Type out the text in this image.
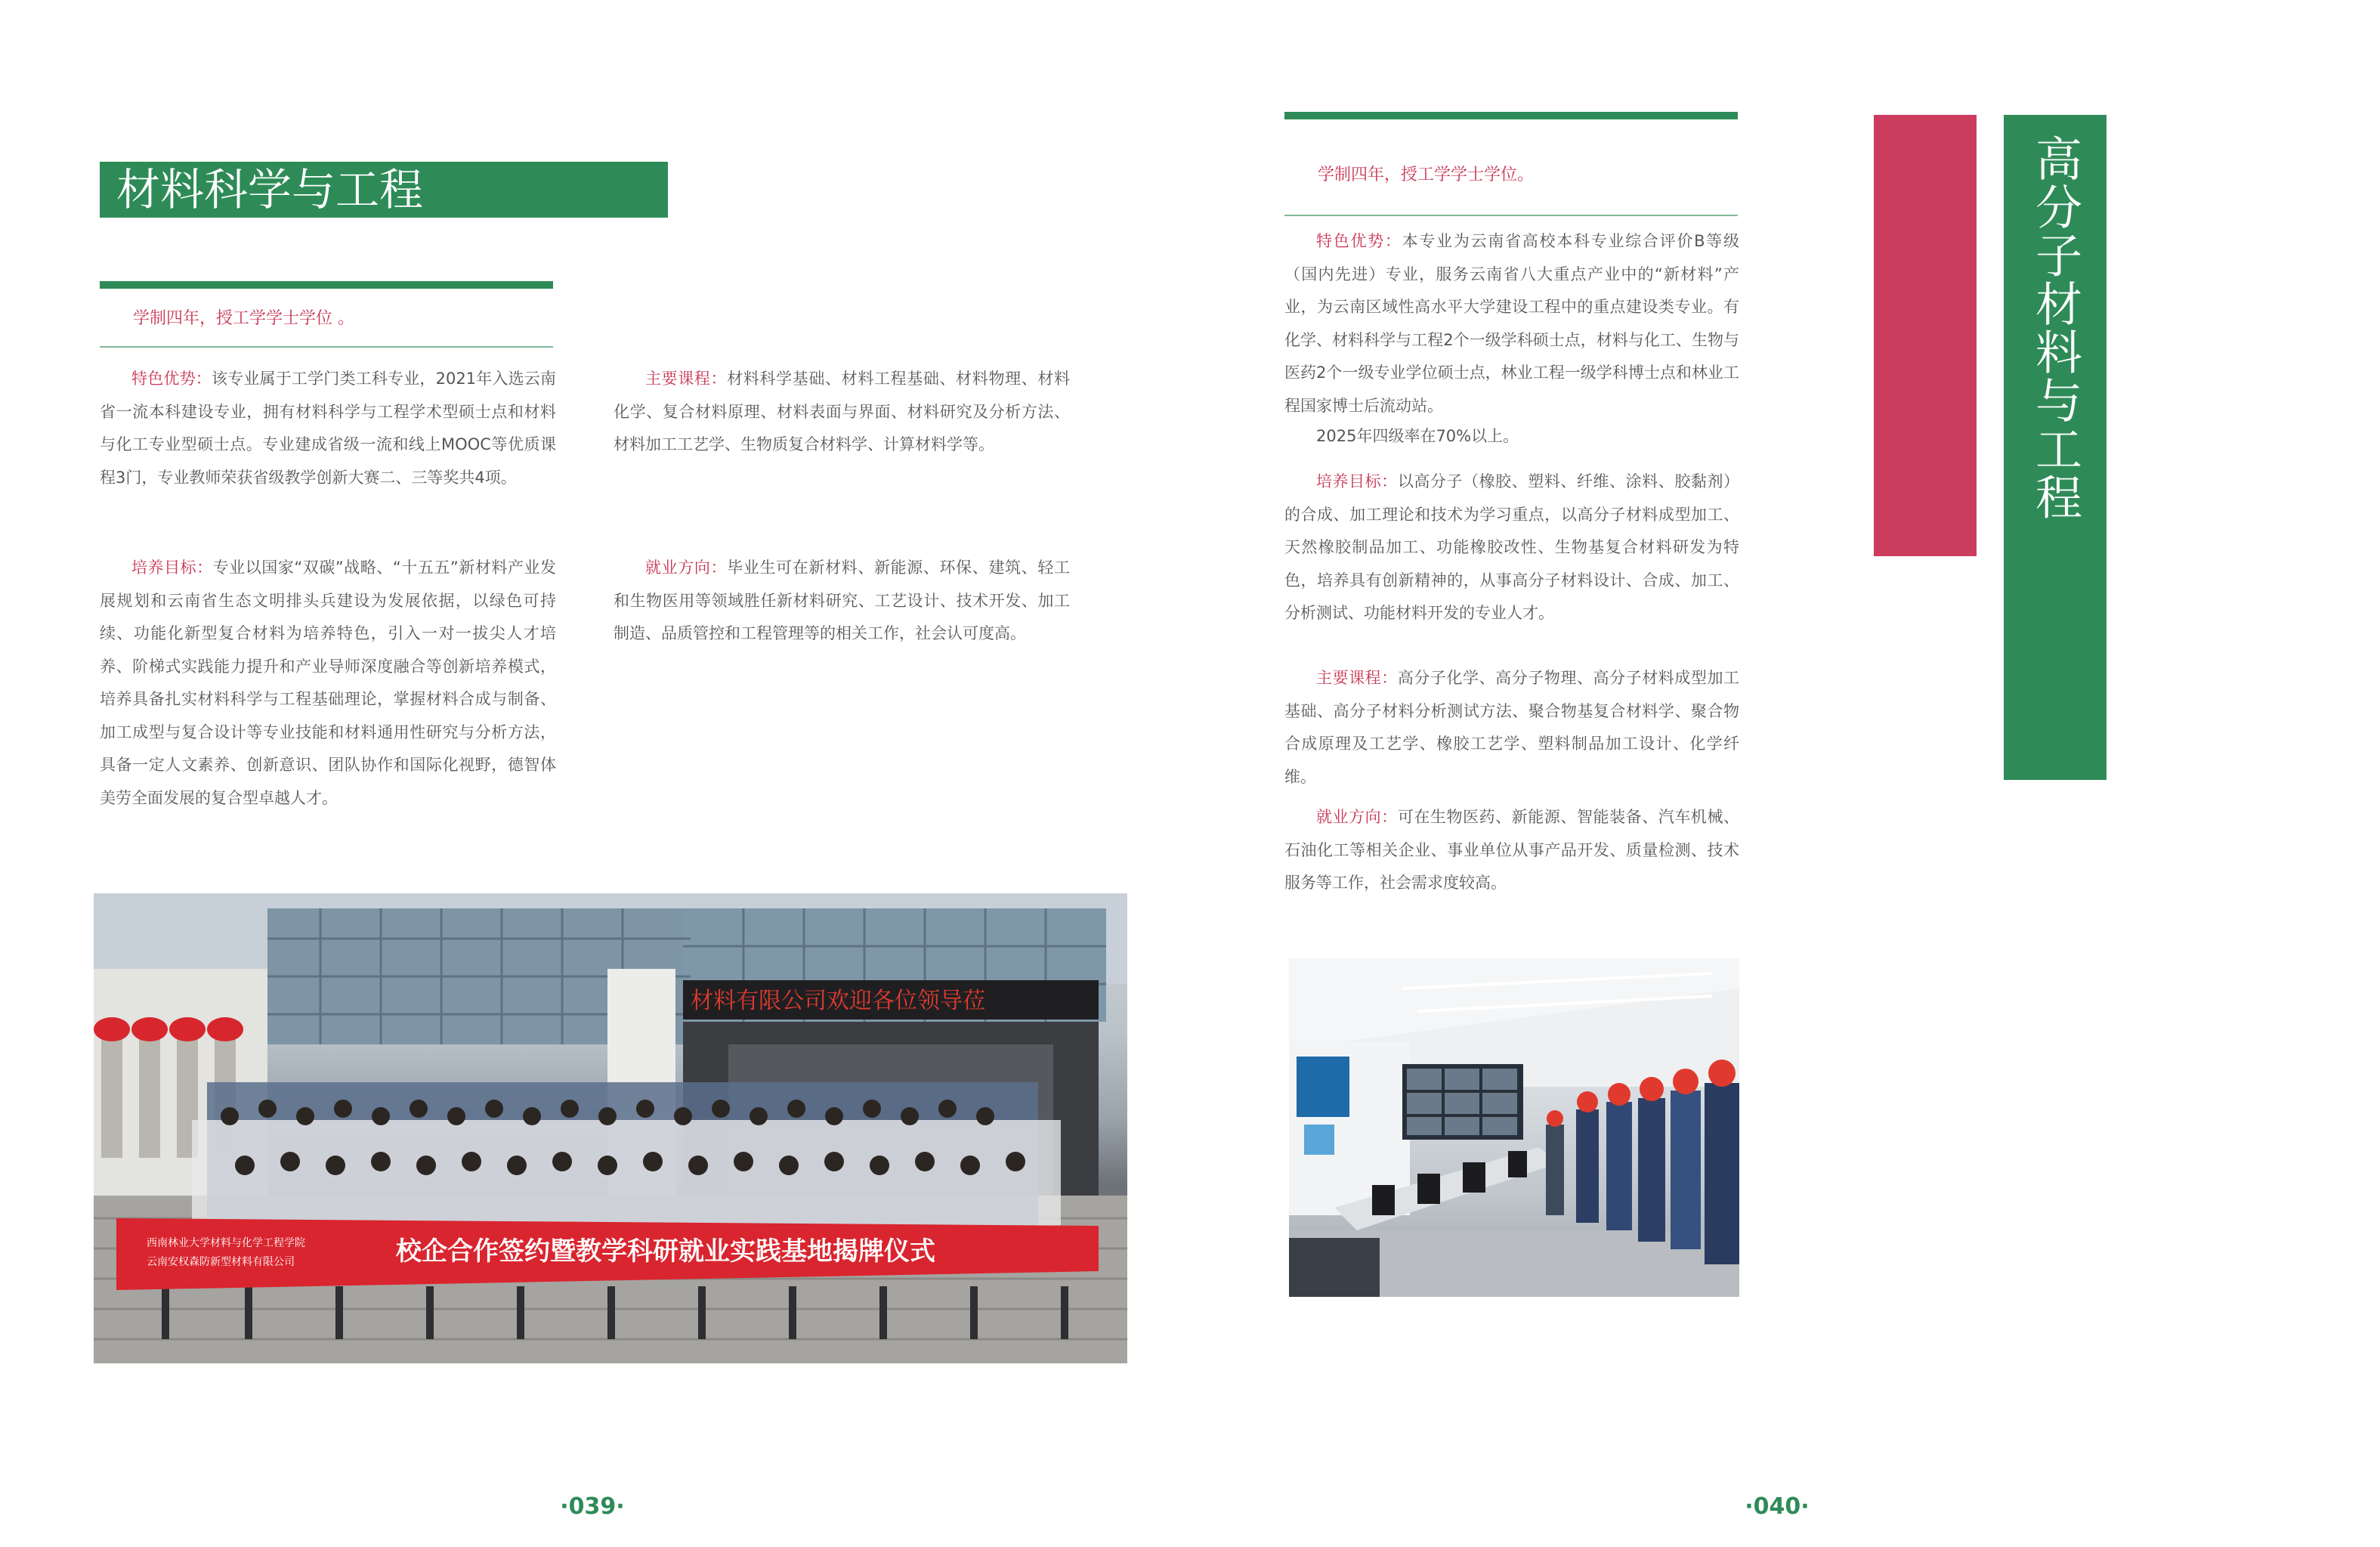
材料科学与工程
学制四年，授工学学士学位 。
特色优势：该专业属于工学门类工科专业，2021年入选云南省一流本科建设专业，拥有材料科学与工程学术型硕士点和材料与化工专业型硕士点。专业建成省级一流和线上MOOC等优质课程3门，专业教师荣获省级教学创新大赛二、三等奖共4项。
培养目标：专业以国家“双碳”战略、“十五五”新材料产业发展规划和云南省生态文明排头兵建设为发展依据，以绿色可持续、功能化新型复合材料为培养特色，引入一对一拔尖人才培养、阶梯式实践能力提升和产业导师深度融合等创新培养模式，培养具备扎实材料科学与工程基础理论，掌握材料合成与制备、加工成型与复合设计等专业技能和材料通用性研究与分析方法，具备一定人文素养、创新意识、团队协作和国际化视野，德智体美劳全面发展的复合型卓越人才。
主要课程：材料科学基础、材料工程基础、材料物理、材料化学、复合材料原理、材料表面与界面、材料研究及分析方法、材料加工工艺学、生物质复合材料学、计算材料学等。
就业方向：毕业生可在新材料、新能源、环保、建筑、轻工和生物医用等领域胜任新材料研究、工艺设计、技术开发、加工制造、品质管控和工程管理等的相关工作，社会认可度高。
材料有限公司欢迎各位领导莅
西南林业大学材料与化学工程学院
云南安权森防新型材料有限公司	校企合作签约暨教学科研就业实践基地揭牌仪式
·039·
学制四年，授工学学士学位。
特色优势：本专业为云南省高校本科专业综合评价B等级（国内先进）专业，服务云南省八大重点产业中的“新材料”产业，为云南区域性高水平大学建设工程中的重点建设类专业。有化学、材料科学与工程2个一级学科硕士点，材料与化工、生物与医药2个一级专业学位硕士点，林业工程一级学科博士点和林业工程国家博士后流动站。
2025年四级率在70%以上。
培养目标：以高分子（橡胶、塑料、纤维、涂料、胶黏剂）的合成、加工理论和技术为学习重点，以高分子材料成型加工、天然橡胶制品加工、功能橡胶改性、生物基复合材料研发为特色，培养具有创新精神的，从事高分子材料设计、合成、加工、分析测试、功能材料开发的专业人才。
主要课程：高分子化学、高分子物理、高分子材料成型加工基础、高分子材料分析测试方法、聚合物基复合材料学、聚合物合成原理及工艺学、橡胶工艺学、塑料制品加工设计、化学纤维。
就业方向：可在生物医药、新能源、智能装备、汽车机械、石油化工等相关企业、事业单位从事产品开发、质量检测、技术服务等工作，社会需求度较高。
·040·
高分子材料与工程
